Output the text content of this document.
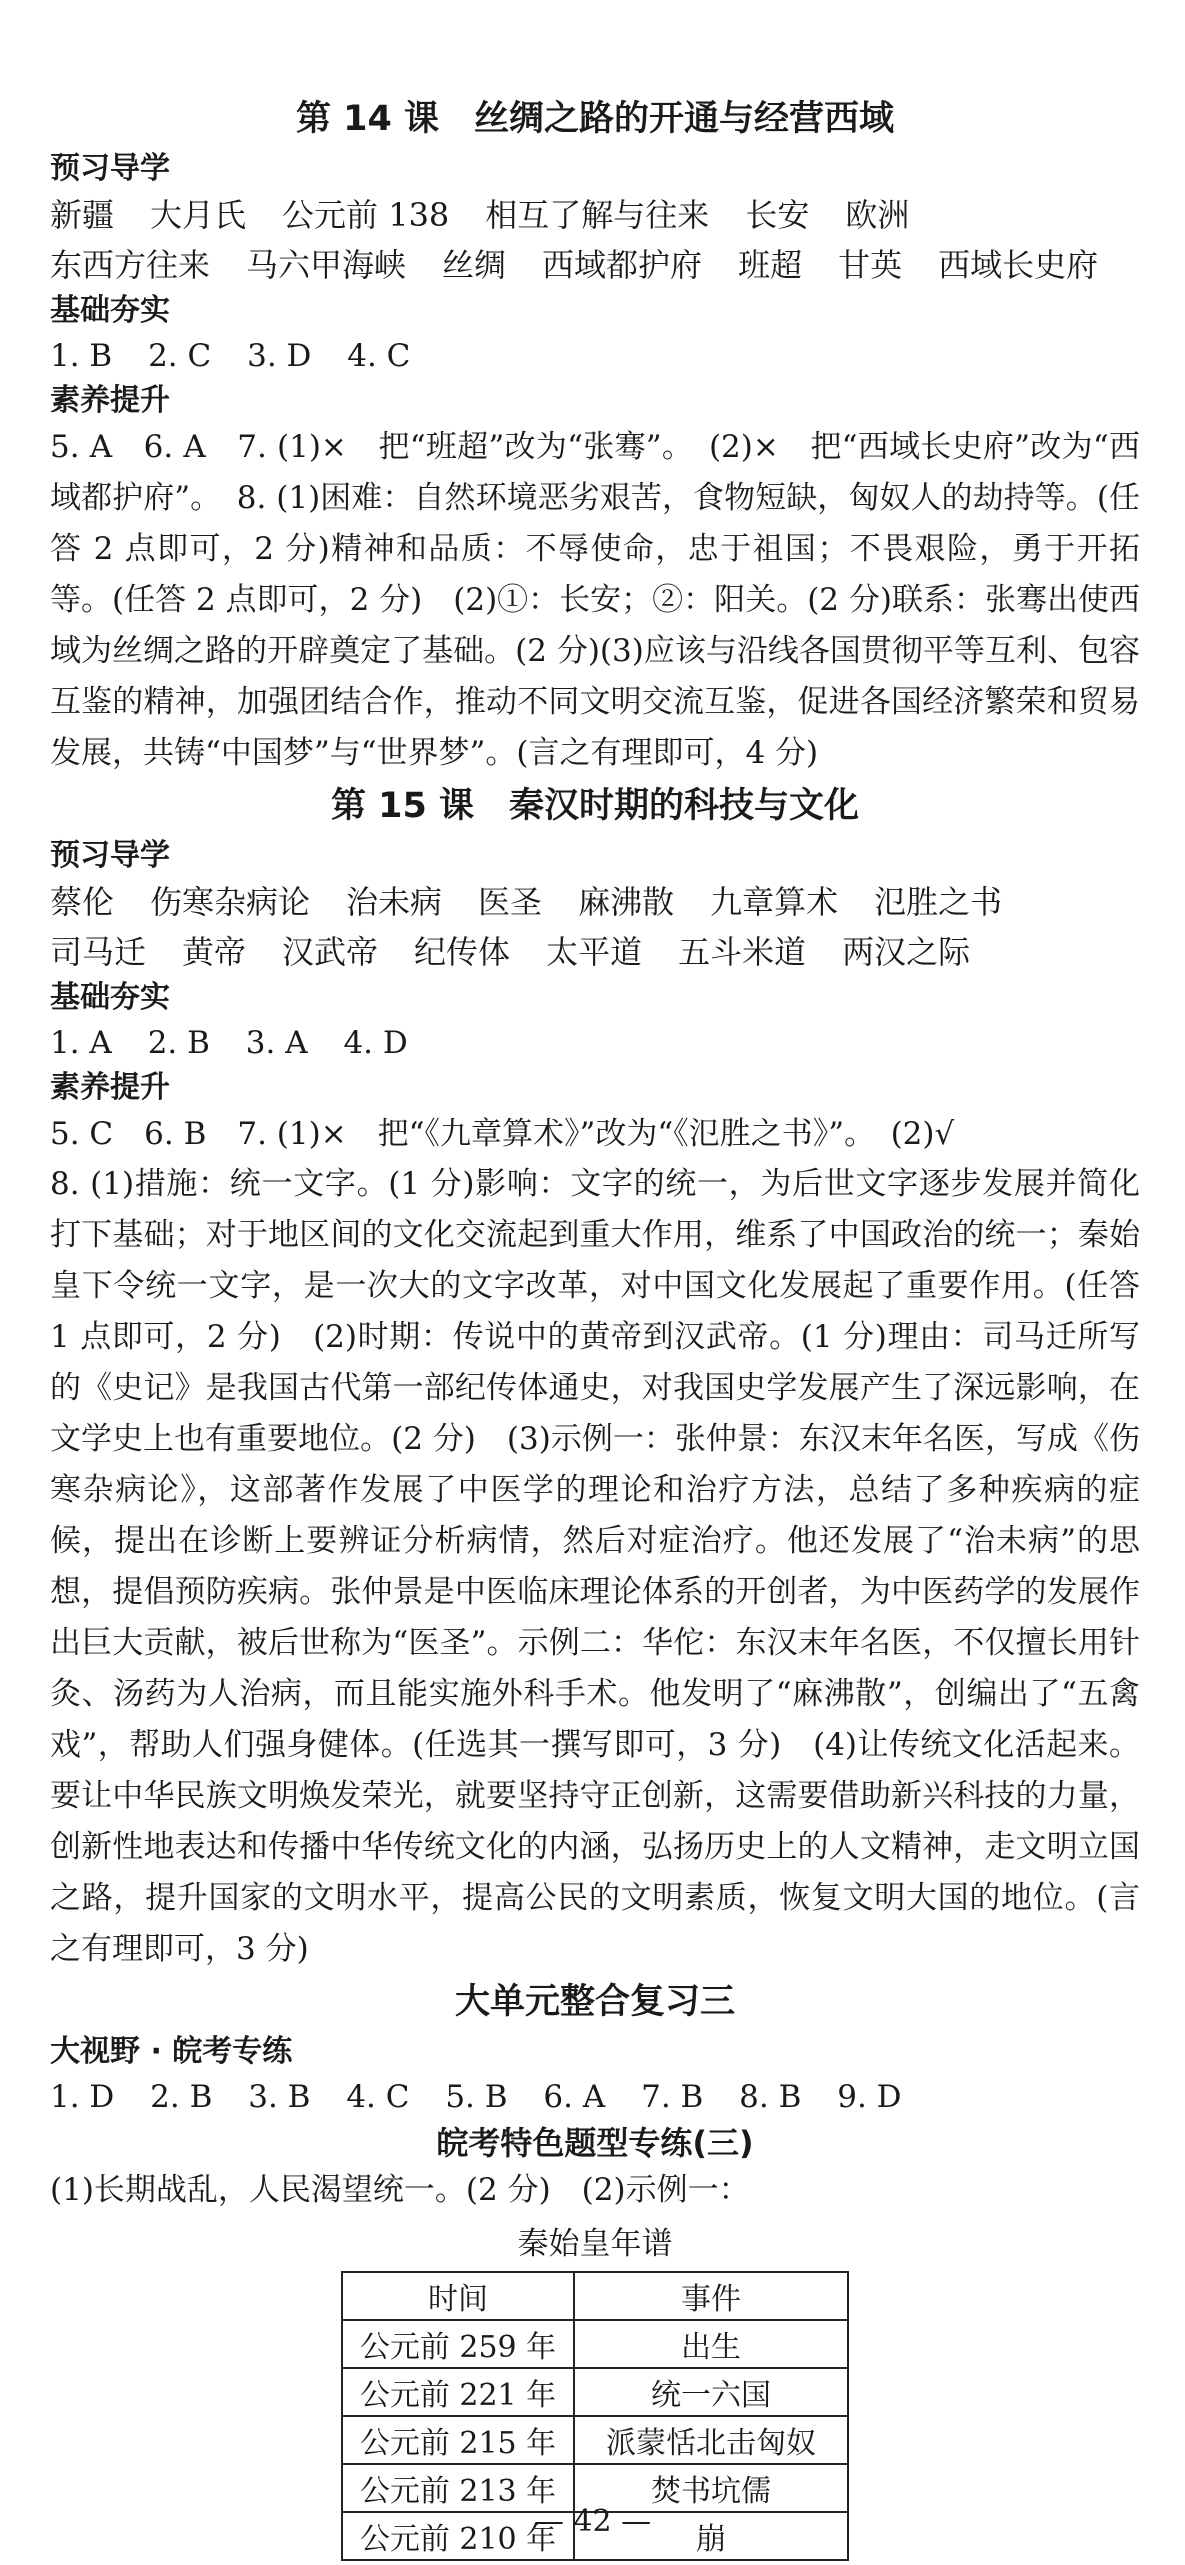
第 14 课　丝绸之路的开通与经营西域
预习导学
新疆 大月氏 公元前 138 相互了解与往来 长安 欧洲
东西方往来 马六甲海峡 丝绸 西域都护府 班超 甘英 西域长史府
基础夯实
1. B 2. C 3. D 4. C
素养提升

5. A　6. A　7. (1)×　把“班超”改为“张骞”。　(2)×　把“西域长史府”改为“西域都护府”。　8. (1)困难：自然环境恶劣艰苦，食物短缺，匈奴人的劫持等。(任答 2 点即可，2 分)精神和品质：不辱使命，忠于祖国；不畏艰险，勇于开拓等。(任答 2 点即可，2 分)　(2)①：长安；②：阳关。(2 分)联系：张骞出使西域为丝绸之路的开辟奠定了基础。(2 分)(3)应该与沿线各国贯彻平等互利、包容互鉴的精神，加强团结合作，推动不同文明交流互鉴，促进各国经济繁荣和贸易发展，共铸“中国梦”与“世界梦”。(言之有理即可，4 分)

第 15 课　秦汉时期的科技与文化
预习导学
蔡伦 伤寒杂病论 治未病 医圣 麻沸散 九章算术 氾胜之书
司马迁 黄帝 汉武帝 纪传体 太平道 五斗米道 两汉之际
基础夯实
1. A 2. B 3. A 4. D
素养提升
5. C　6. B　7. (1)×　把“《九章算术》”改为“《氾胜之书》”。　(2)√

8. (1)措施：统一文字。(1 分)影响：文字的统一，为后世文字逐步发展并简化打下基础；对于地区间的文化交流起到重大作用，维系了中国政治的统一；秦始皇下令统一文字，是一次大的文字改革，对中国文化发展起了重要作用。(任答 1 点即可，2 分)　(2)时期：传说中的黄帝到汉武帝。(1 分)理由：司马迁所写的《史记》是我国古代第一部纪传体通史，对我国史学发展产生了深远影响，在文学史上也有重要地位。(2 分)　(3)示例一：张仲景：东汉末年名医，写成《伤寒杂病论》，这部著作发展了中医学的理论和治疗方法，总结了多种疾病的症候，提出在诊断上要辨证分析病情，然后对症治疗。他还发展了“治未病”的思想，提倡预防疾病。张仲景是中医临床理论体系的开创者，为中医药学的发展作出巨大贡献，被后世称为“医圣”。示例二：华佗：东汉末年名医，不仅擅长用针灸、汤药为人治病，而且能实施外科手术。他发明了“麻沸散”，创编出了“五禽戏”，帮助人们强身健体。(任选其一撰写即可，3 分)　(4)让传统文化活起来。要让中华民族文明焕发荣光，就要坚持守正创新，这需要借助新兴科技的力量，创新性地表达和传播中华传统文化的内涵，弘扬历史上的人文精神，走文明立国之路，提升国家的文明水平，提高公民的文明素质，恢复文明大国的地位。(言之有理即可，3 分)

大单元整合复习三
大视野 · 皖考专练
1. D 2. B 3. B 4. C 5. B 6. A 7. B 8. B 9. D
皖考特色题型专练(三)
(1)长期战乱，人民渴望统一。(2 分)　(2)示例一：
秦始皇年谱
时间	事件
公元前 259 年	出生
公元前 221 年	统一六国
公元前 215 年	派蒙恬北击匈奴
公元前 213 年	焚书坑儒
公元前 210 年	崩
— 42 —
